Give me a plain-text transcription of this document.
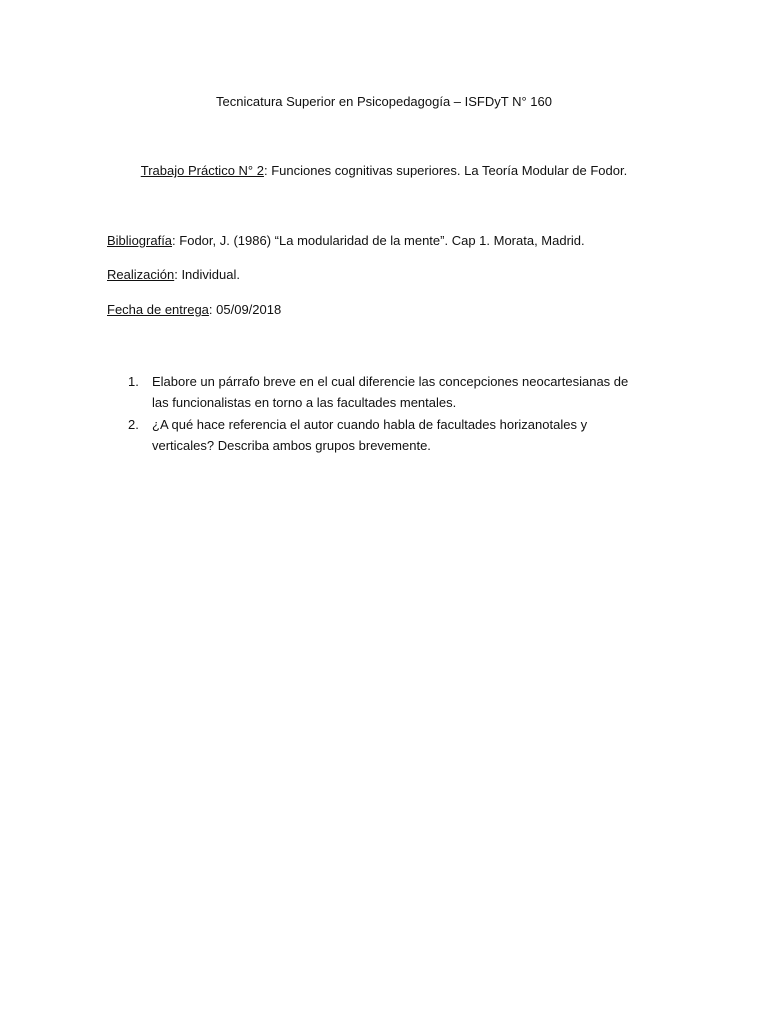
Tecnicatura Superior en Psicopedagogía – ISFDyT N° 160
Trabajo Práctico N° 2: Funciones cognitivas superiores. La Teoría Modular de Fodor.
Bibliografía: Fodor, J. (1986) “La modularidad de la mente”. Cap 1. Morata, Madrid.
Realización: Individual.
Fecha de entrega: 05/09/2018
1.	Elabore un párrafo breve en el cual diferencie las concepciones neocartesianas de
las funcionalistas en torno a las facultades mentales.
2.	¿A qué hace referencia el autor cuando habla de facultades horizanotales y
verticales? Describa ambos grupos brevemente.
